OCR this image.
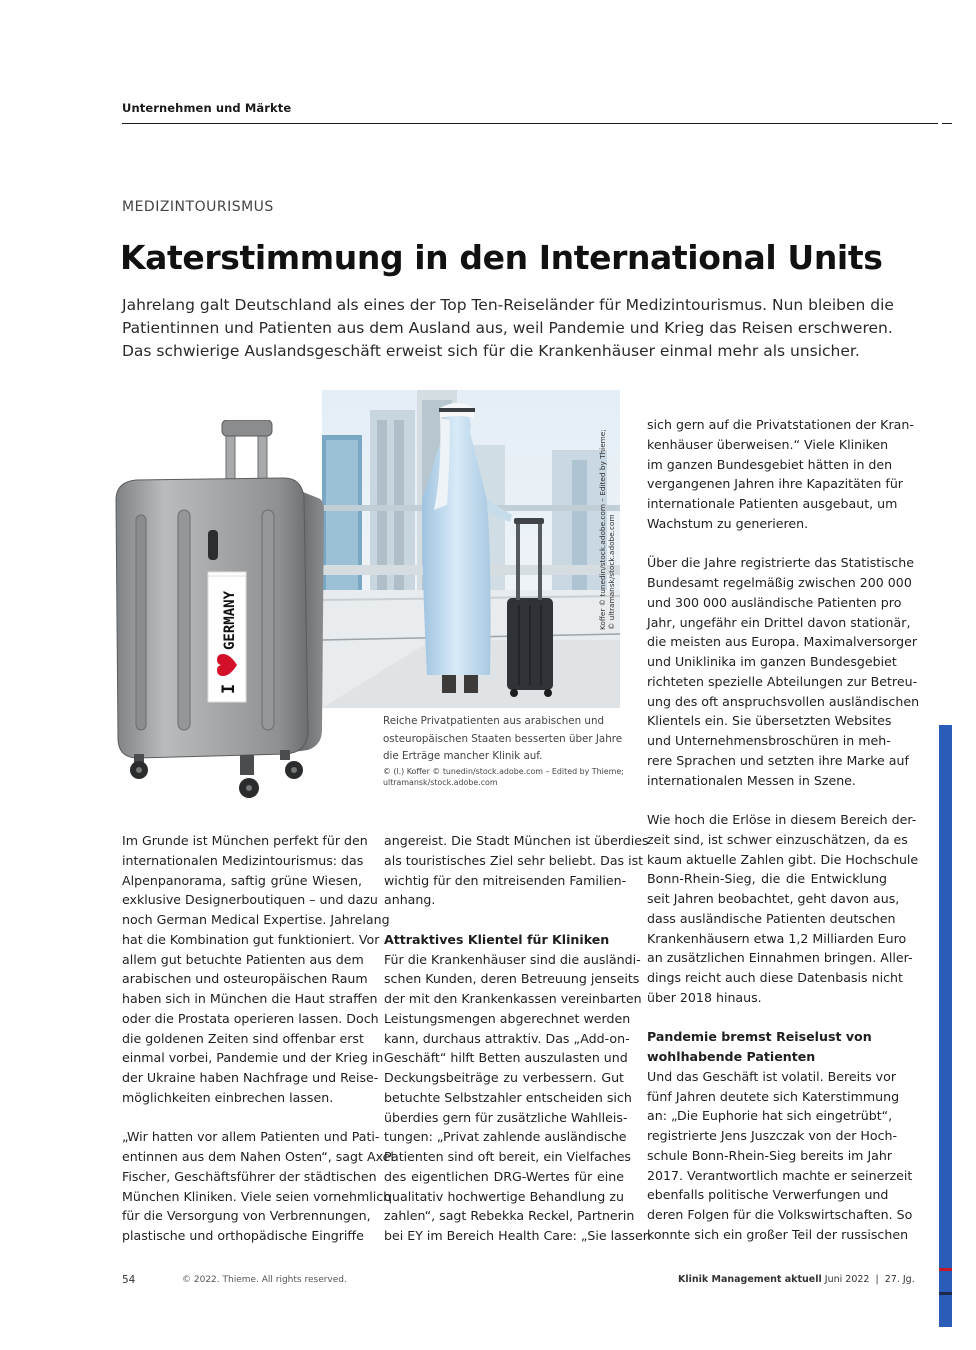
Unternehmen und Märkte
MEDIZINTOURISMUS
Katerstimmung in den International Units
Jahrelang galt Deutschland als eines der Top Ten-Reiseländer für Medizintourismus. Nun bleiben die
Patientinnen und Patienten aus dem Ausland aus, weil Pandemie und Krieg das Reisen erschweren.
Das schwierige Auslandsgeschäft erweist sich für die Krankenhäuser einmal mehr als unsicher.
Koffer © tunedin/stock.adobe.com – Edited by Thieme; © ultramansk/stock.adobe.com
I
GERMANY
Reiche Privatpatienten aus arabischen und
osteuropäischen Staaten besserten über Jahre
die Erträge mancher Klinik auf.
© (l.) Koffer © tunedin/stock.adobe.com – Edited by Thieme;
ultramansk/stock.adobe.com

Im Grunde ist München perfekt für den
internationalen Medizintourismus: das
Alpenpanorama, saftig grüne Wiesen,
exklusive Designerboutiquen – und dazu
noch German Medical Expertise. Jahrelang
hat die Kombination gut funktioniert. Vor
allem gut betuchte Patienten aus dem
arabischen und osteuropäischen Raum
haben sich in München die Haut straffen
oder die Prostata operieren lassen. Doch
die goldenen Zeiten sind offenbar erst
einmal vorbei, Pandemie und der Krieg in
der Ukraine haben Nachfrage und Reise-
möglichkeiten einbrechen lassen.

„Wir hatten vor allem Patienten und Pati-
entinnen aus dem Nahen Osten“, sagt Axel
Fischer, Geschäftsführer der städtischen
München Kliniken. Viele seien vornehmlich
für die Versorgung von Verbrennungen,
plastische und orthopädische Eingriffe

angereist. Die Stadt München ist überdies
als touristisches Ziel sehr beliebt. Das ist
wichtig für den mitreisenden Familien-
anhang.

Attraktives Klientel für Kliniken

Für die Krankenhäuser sind die ausländi-
schen Kunden, deren Betreuung jenseits
der mit den Krankenkassen vereinbarten
Leistungsmengen abgerechnet werden
kann, durchaus attraktiv. Das „Add-on-
Geschäft“ hilft Betten auszulasten und
Deckungsbeiträge zu verbessern. Gut
betuchte Selbstzahler entscheiden sich
überdies gern für zusätzliche Wahlleis-
tungen: „Privat zahlende ausländische
Patienten sind oft bereit, ein Vielfaches
des eigentlichen DRG-Wertes für eine
qualitativ hochwertige Behandlung zu
zahlen“, sagt Rebekka Reckel, Partnerin
bei EY im Bereich Health Care: „Sie lassen

sich gern auf die Privatstationen der Kran-
kenhäuser überweisen.“ Viele Kliniken
im ganzen Bundesgebiet hätten in den
vergangenen Jahren ihre Kapazitäten für
internationale Patienten ausgebaut, um
Wachstum zu generieren.

Über die Jahre registrierte das Statistische
Bundesamt regelmäßig zwischen 200 000
und 300 000 ausländische Patienten pro
Jahr, ungefähr ein Drittel davon stationär,
die meisten aus Europa. Maximalversorger
und Uniklinika im ganzen Bundesgebiet
richteten spezielle Abteilungen zur Betreu-
ung des oft anspruchsvollen ausländischen
Klientels ein. Sie übersetzten Websites
und Unternehmensbroschüren in meh-
rere Sprachen und setzten ihre Marke auf
internationalen Messen in Szene.

Wie hoch die Erlöse in diesem Bereich der-
zeit sind, ist schwer einzuschätzen, da es
kaum aktuelle Zahlen gibt. Die Hochschule
Bonn-Rhein-Sieg, die die Entwicklung
seit Jahren beobachtet, geht davon aus,
dass ausländische Patienten deutschen
Krankenhäusern etwa 1,2 Milliarden Euro
an zusätzlichen Einnahmen bringen. Aller-
dings reicht auch diese Datenbasis nicht
über 2018 hinaus.

Pandemie bremst Reiselust von
wohlhabende Patienten

Und das Geschäft ist volatil. Bereits vor
fünf Jahren deutete sich Katerstimmung
an: „Die Euphorie hat sich eingetrübt“,
registrierte Jens Juszczak von der Hoch-
schule Bonn-Rhein-Sieg bereits im Jahr
2017. Verantwortlich machte er seinerzeit
ebenfalls politische Verwerfungen und
deren Folgen für die Volkswirtschaften. So
konnte sich ein großer Teil der russischen

54	© 2022. Thieme. All rights reserved.	Klinik Management aktuell Juni 2022  |  27. Jg.
